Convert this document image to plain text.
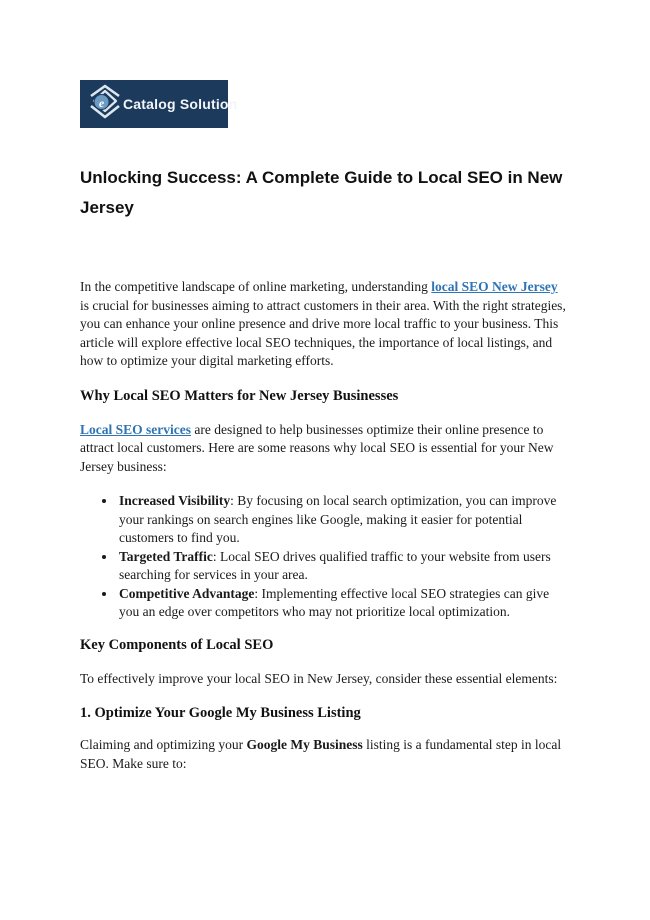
e Catalog Solution
Unlocking Success: A Complete Guide to Local SEO in New Jersey

In the competitive landscape of online marketing, understanding local SEO New Jersey is crucial for businesses aiming to attract customers in their area. With the right strategies, you can enhance your online presence and drive more local traffic to your business. This article will explore effective local SEO techniques, the importance of local listings, and how to optimize your digital marketing efforts.

Why Local SEO Matters for New Jersey Businesses

Local SEO services are designed to help businesses optimize their online presence to attract local customers. Here are some reasons why local SEO is essential for your New Jersey business:

• Increased Visibility: By focusing on local search optimization, you can improve your rankings on search engines like Google, making it easier for potential customers to find you.
• Targeted Traffic: Local SEO drives qualified traffic to your website from users searching for services in your area.
• Competitive Advantage: Implementing effective local SEO strategies can give you an edge over competitors who may not prioritize local optimization.
Key Components of Local SEO

To effectively improve your local SEO in New Jersey, consider these essential elements:

1. Optimize Your Google My Business Listing

Claiming and optimizing your Google My Business listing is a fundamental step in local SEO. Make sure to:
